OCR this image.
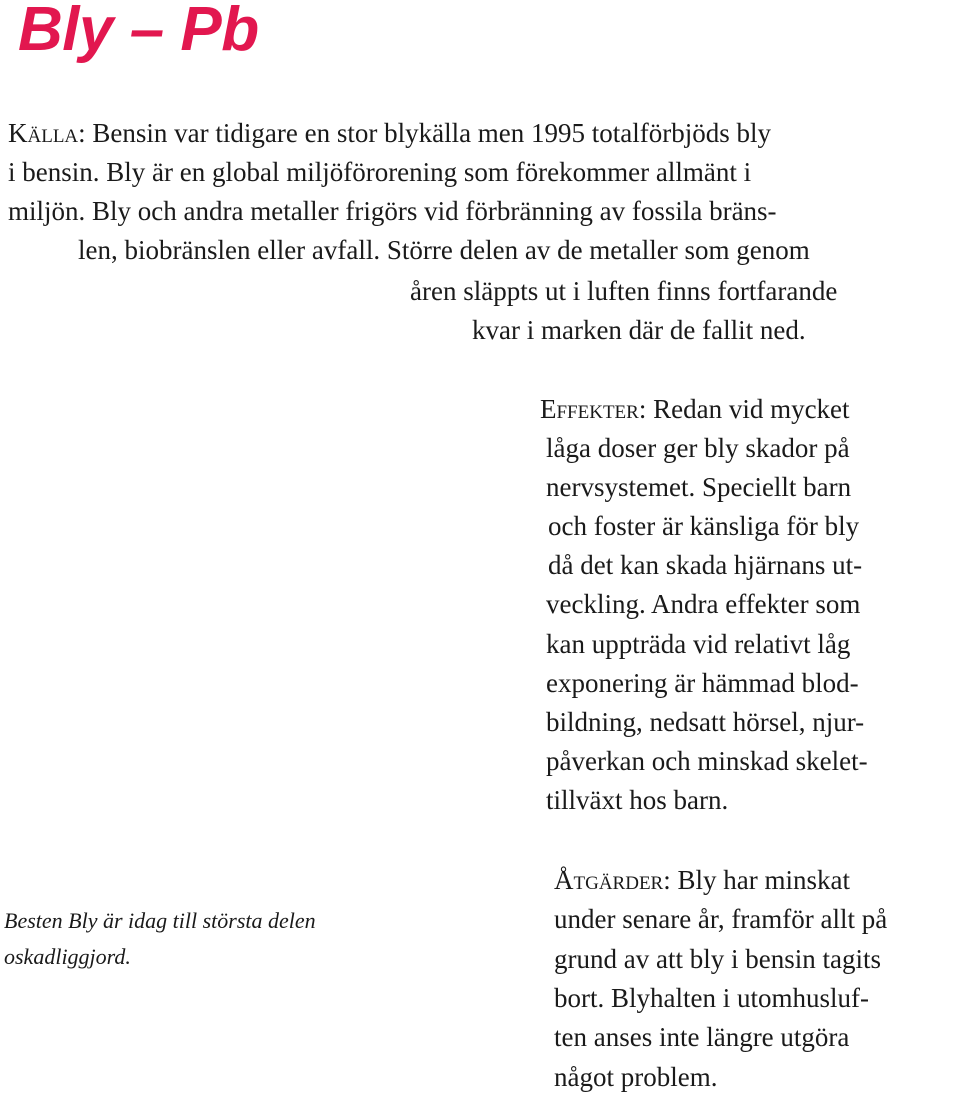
Bly – Pb
Källa: Bensin var tidigare en stor blykälla men 1995 totalförbjöds bly
i bensin. Bly är en global miljöförorening som förekommer allmänt i
miljön. Bly och andra metaller frigörs vid förbränning av fossila bräns-
len, biobränslen eller avfall. Större delen av de metaller som genom
åren släppts ut i luften finns fortfarande
kvar i marken där de fallit ned.
Effekter: Redan vid mycket
låga doser ger bly skador på
nervsystemet. Speciellt barn
och foster är känsliga för bly
då det kan skada hjärnans ut-
veckling. Andra effekter som
kan uppträda vid relativt låg
exponering är hämmad blod-
bildning, nedsatt hörsel, njur-
påverkan och minskad skelet-
tillväxt hos barn.
Besten Bly är idag till största delen
oskadliggjord.
Åtgärder: Bly har minskat
under senare år, framför allt på
grund av att bly i bensin tagits
bort. Blyhalten i utomhusluf-
ten anses inte längre utgöra
något problem.
